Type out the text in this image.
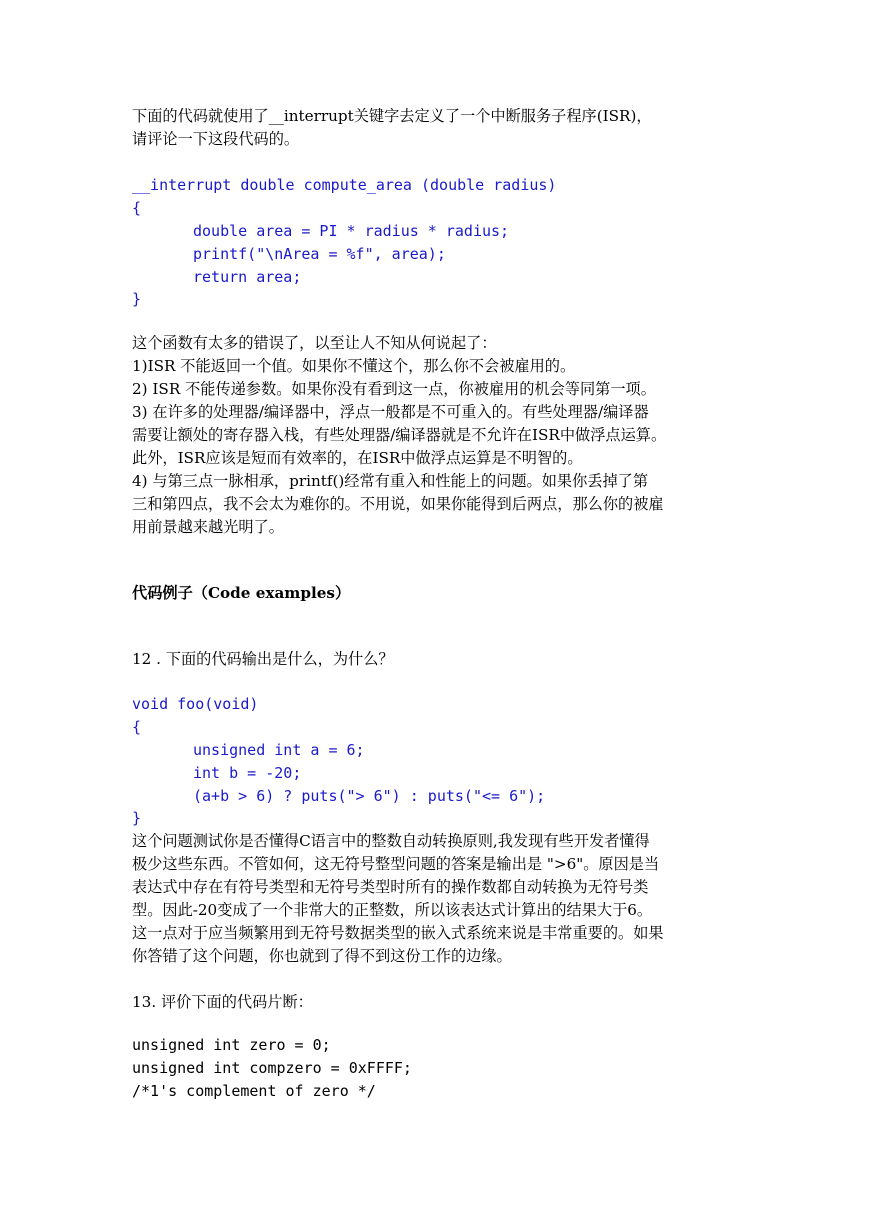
下面的代码就使用了__interrupt关键字去定义了一个中断服务子程序(ISR)，
请评论一下这段代码的。
__interrupt double compute_area (double radius)
{
double area = PI * radius * radius;
printf("\nArea = %f", area);
return area;
}
这个函数有太多的错误了，以至让人不知从何说起了：
1)ISR 不能返回一个值。如果你不懂这个，那么你不会被雇用的。
2) ISR 不能传递参数。如果你没有看到这一点，你被雇用的机会等同第一项。
3) 在许多的处理器/编译器中，浮点一般都是不可重入的。有些处理器/编译器
需要让额处的寄存器入栈，有些处理器/编译器就是不允许在ISR中做浮点运算。
此外，ISR应该是短而有效率的，在ISR中做浮点运算是不明智的。
4) 与第三点一脉相承，printf()经常有重入和性能上的问题。如果你丢掉了第
三和第四点，我不会太为难你的。不用说，如果你能得到后两点，那么你的被雇
用前景越来越光明了。
代码例子（Code examples）
12 . 下面的代码输出是什么，为什么？
void foo(void)
{
unsigned int a = 6;
int b = -20;
(a+b > 6) ? puts("> 6") : puts("<= 6");
}
这个问题测试你是否懂得C语言中的整数自动转换原则,我发现有些开发者懂得
极少这些东西。不管如何，这无符号整型问题的答案是输出是 ">6"。原因是当
表达式中存在有符号类型和无符号类型时所有的操作数都自动转换为无符号类
型。因此-20变成了一个非常大的正整数，所以该表达式计算出的结果大于6。
这一点对于应当频繁用到无符号数据类型的嵌入式系统来说是丰常重要的。如果
你答错了这个问题，你也就到了得不到这份工作的边缘。
13. 评价下面的代码片断：
unsigned int zero = 0;
unsigned int compzero = 0xFFFF;
/*1's complement of zero */
